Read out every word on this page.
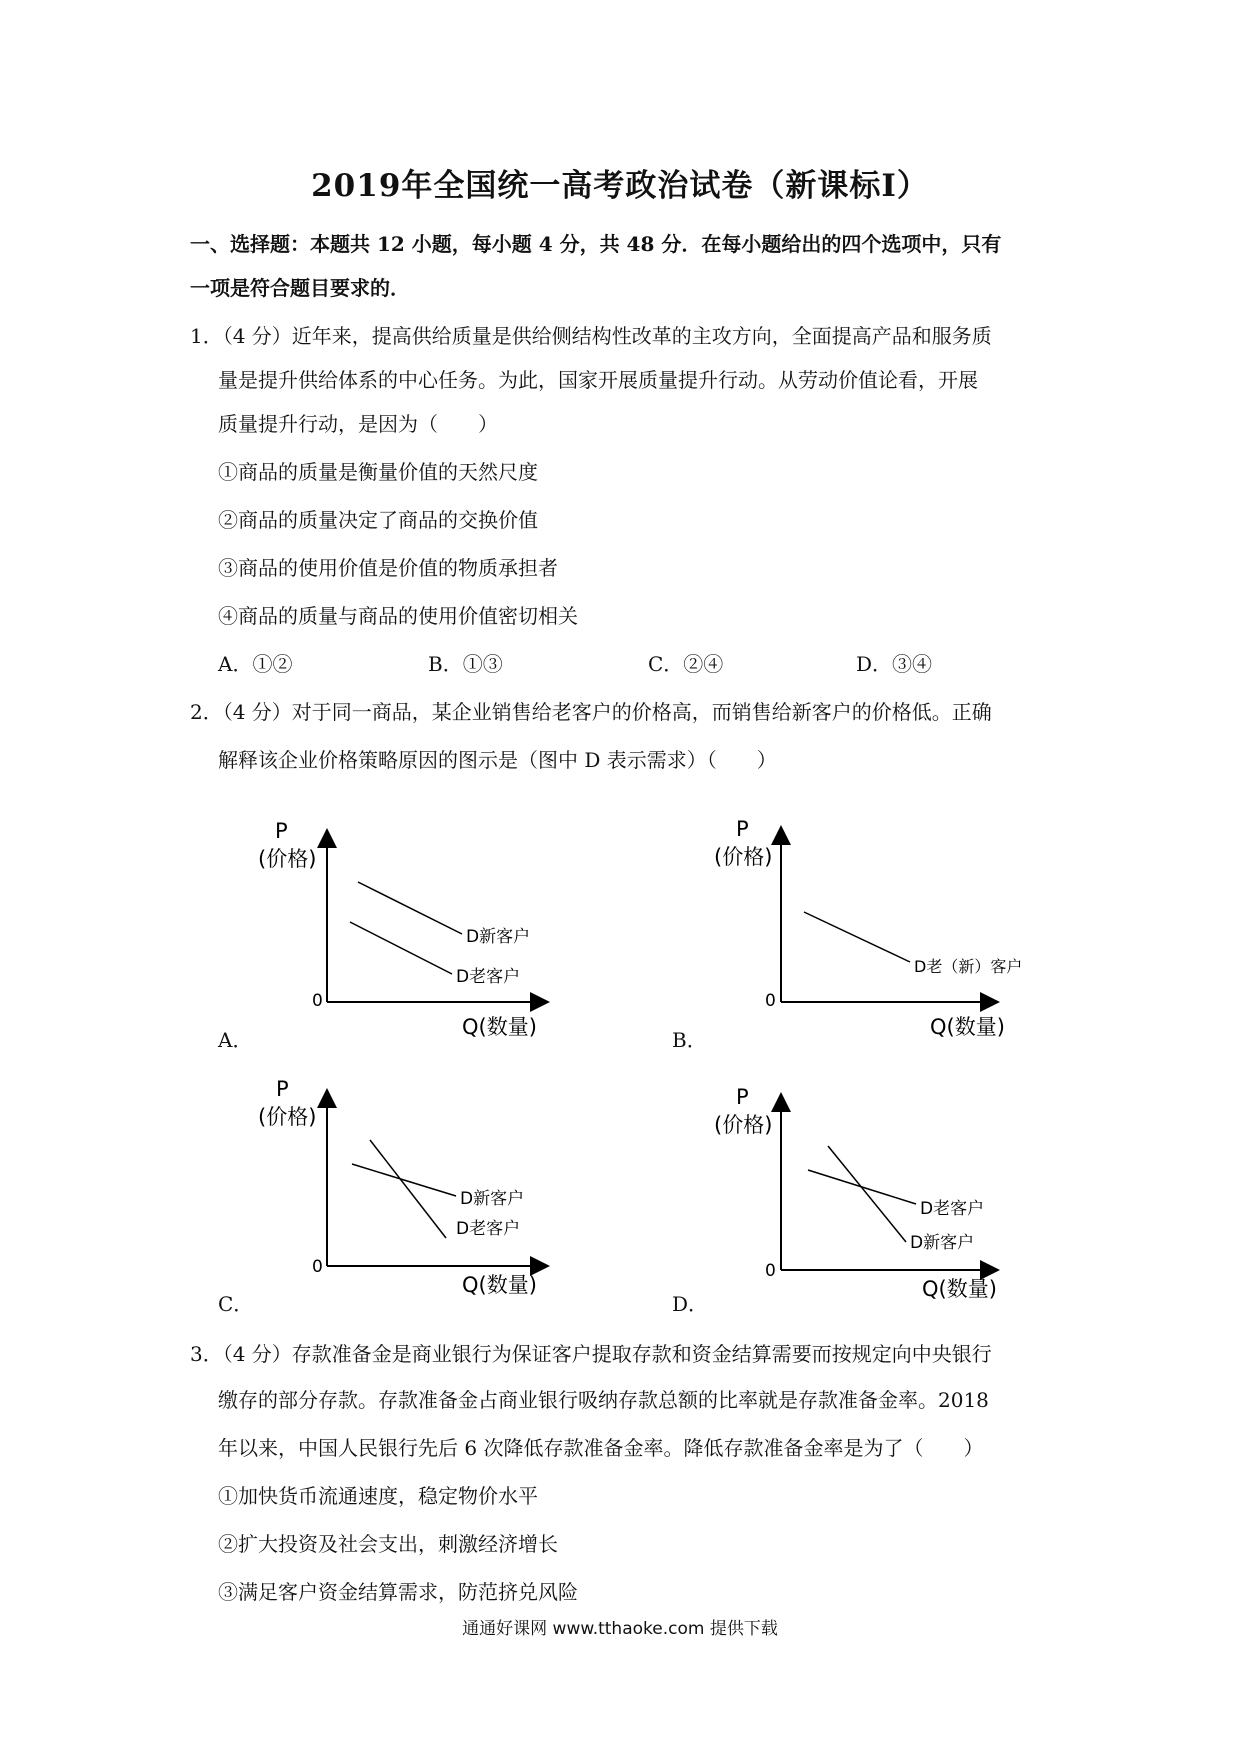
2019年全国统一高考政治试卷（新课标Ⅰ）
一、选择题：本题共 12 小题，每小题 4 分，共 48 分．在每小题给出的四个选项中，只有
一项是符合题目要求的．
1．（4 分）近年来，提高供给质量是供给侧结构性改革的主攻方向，全面提高产品和服务质
量是提升供给体系的中心任务。为此，国家开展质量提升行动。从劳动价值论看，开展
质量提升行动，是因为（　　）
①商品的质量是衡量价值的天然尺度
②商品的质量决定了商品的交换价值
③商品的使用价值是价值的物质承担者
④商品的质量与商品的使用价值密切相关
A．①②	B．①③	C．②④	D．③④
2．（4 分）对于同一商品，某企业销售给老客户的价格高，而销售给新客户的价格低。正确
解释该企业价格策略原因的图示是（图中 D 表示需求）（　　）
P
(价格)
0
Q(数量)
D新客户
D老客户
P
(价格)
0
Q(数量)
D老（新）客户
P
(价格)
0
Q(数量)
D新客户
D老客户
P
(价格)
0
Q(数量)
D老客户
D新客户
A．	B．
C．	D．
3．（4 分）存款准备金是商业银行为保证客户提取存款和资金结算需要而按规定向中央银行
缴存的部分存款。存款准备金占商业银行吸纳存款总额的比率就是存款准备金率。2018
年以来，中国人民银行先后 6 次降低存款准备金率。降低存款准备金率是为了（　　）
①加快货币流通速度，稳定物价水平
②扩大投资及社会支出，刺激经济增长
③满足客户资金结算需求，防范挤兑风险
通通好课网 www.tthaoke.com 提供下载
